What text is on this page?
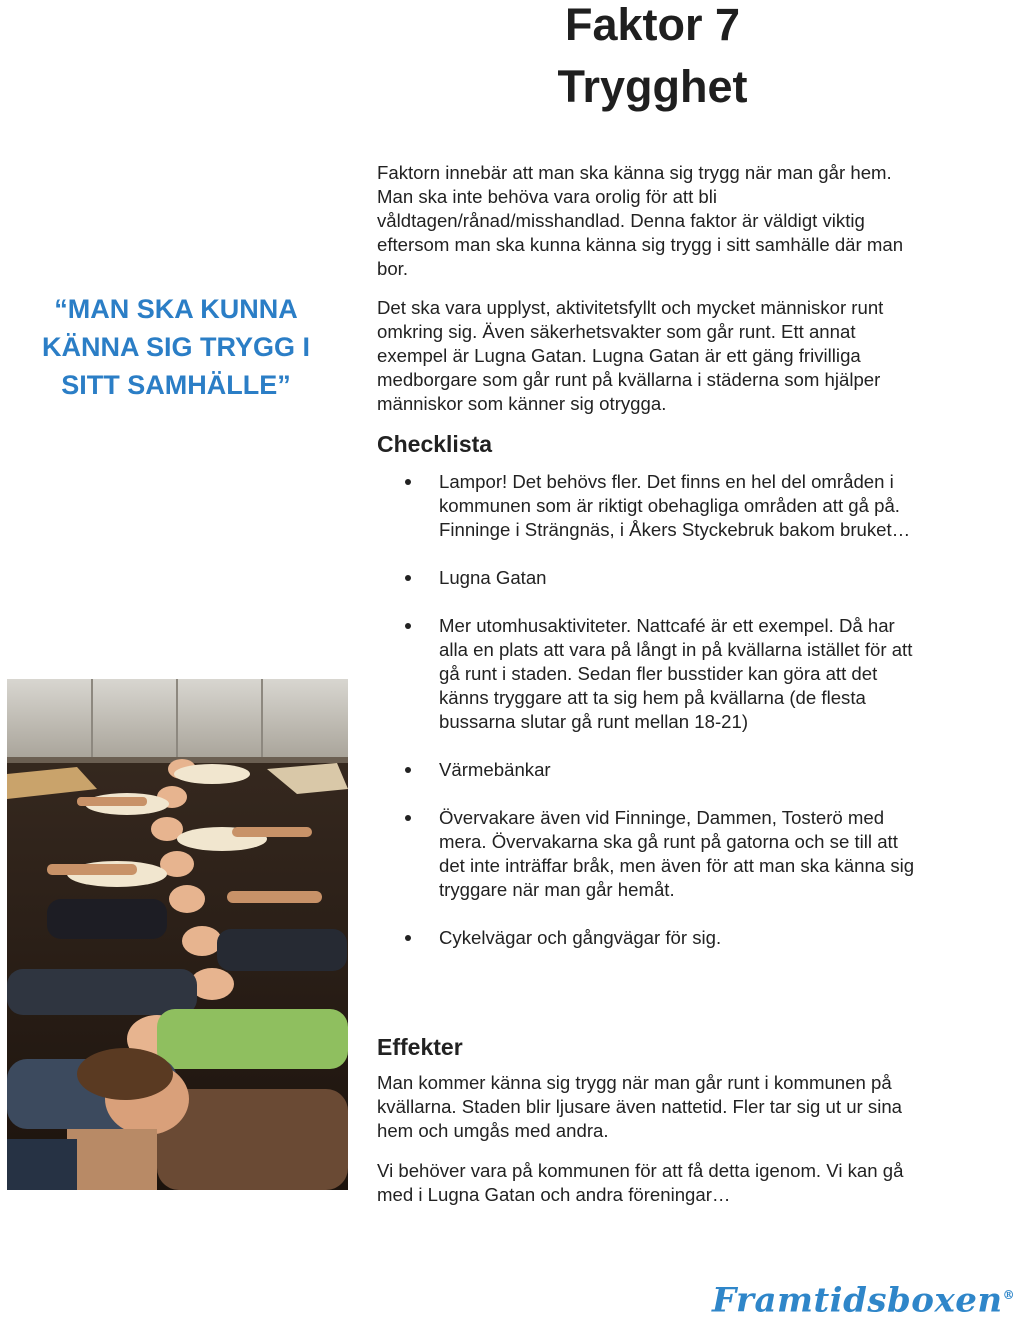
Faktor 7
Trygghet
“MAN SKA KUNNA
KÄNNA SIG TRYGG I
SITT SAMHÄLLE”
Faktorn innebär att man ska känna sig trygg när man går hem. Man ska inte behöva vara orolig för att bli våldtagen/rånad/misshandlad. Denna faktor är väldigt viktig eftersom man ska kunna känna sig trygg i sitt samhälle där man bor.
Det ska vara upplyst, aktivitetsfyllt och mycket människor runt omkring sig. Även säkerhetsvakter som går runt. Ett annat exempel är Lugna Gatan. Lugna Gatan är ett gäng frivilliga medborgare som går runt på kvällarna i städerna som hjälper människor som känner sig otrygga.
Checklista
Lampor! Det behövs fler. Det finns en hel del områden i kommunen som är riktigt obehagliga områden att gå på. Finninge i Strängnäs, i Åkers Styckebruk bakom bruket…
Lugna Gatan
Mer utomhusaktiviteter. Nattcafé är ett exempel. Då har alla en plats att vara på långt in på kvällarna istället för att gå runt i staden. Sedan fler busstider kan göra att det känns tryggare att ta sig hem på kvällarna (de flesta bussarna slutar gå runt mellan 18-21)
Värmebänkar
Övervakare även vid Finninge, Dammen, Tosterö med mera. Övervakarna ska gå runt på gatorna och se till att det inte inträffar bråk, men även för att man ska känna sig tryggare när man går hemåt.
Cykelvägar och gångvägar för sig.
Effekter
Man kommer känna sig trygg när man går runt i kommunen på kvällarna. Staden blir ljusare även nattetid. Fler tar sig ut ur sina hem och umgås med andra.
Vi behöver vara på kommunen för att få detta igenom. Vi kan gå med i Lugna Gatan och andra föreningar…
Framtidsboxen®
